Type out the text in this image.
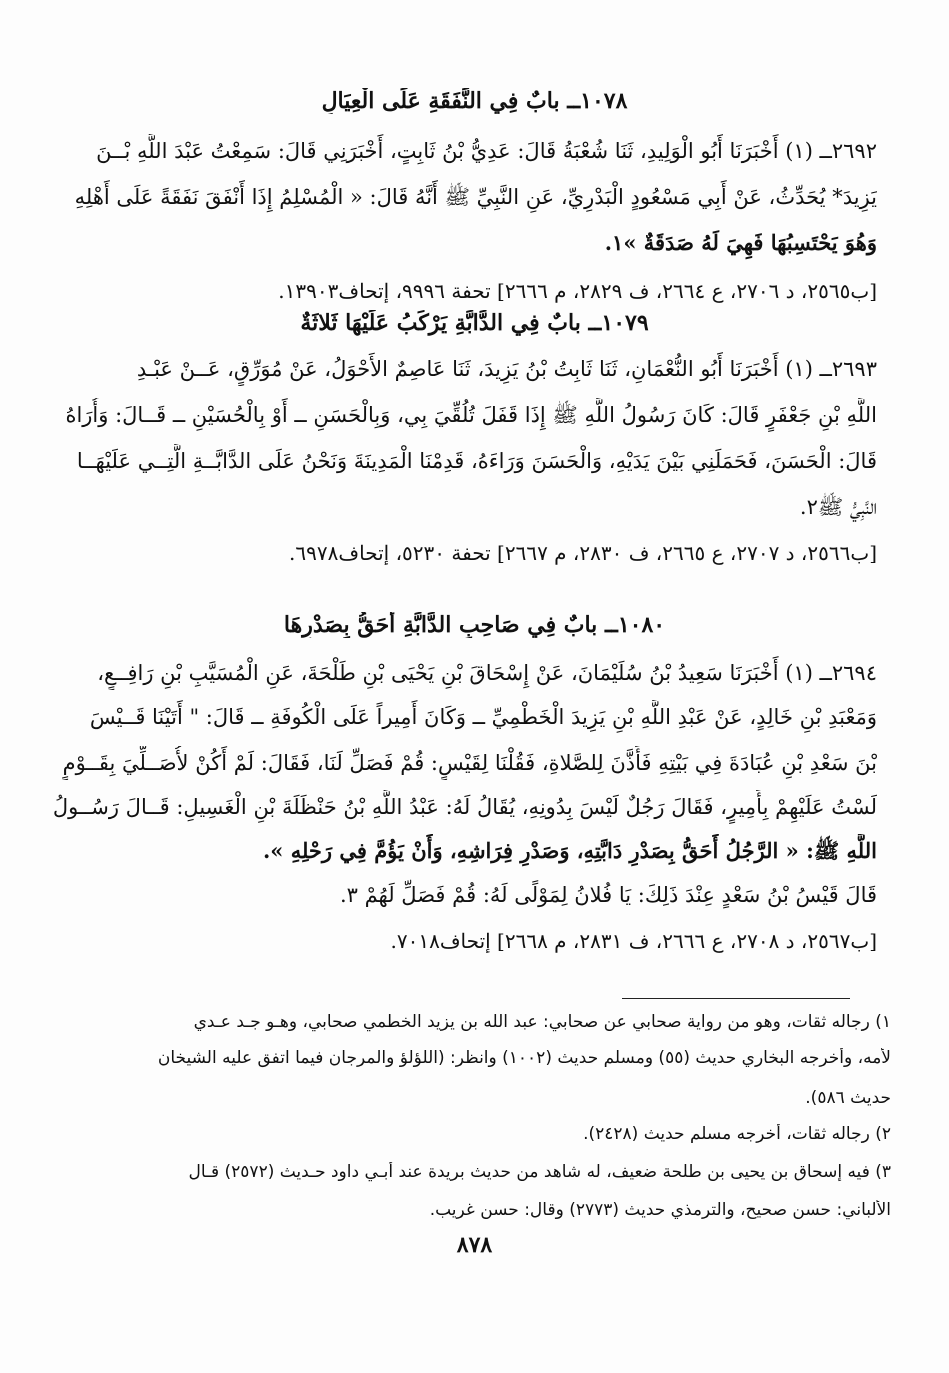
١٠٧٨ــ بابٌ فِي النَّفَقَةِ عَلَى الْعِيَالِ
٢٦٩٢ــ (١) أَخْبَرَنَا أَبُو الْوَلِيدِ، ثَنَا شُعْبَةُ قَالَ: عَدِيُّ بْنُ ثَابِتٍ، أَخْبَرَنِي قَالَ: سَمِعْتُ عَبْدَ اللَّهِ بْــنَ
يَزِيدَ* يُحَدِّثُ، عَنْ أَبِي مَسْعُودٍ الْبَدْرِيِّ، عَنِ النَّبِيِّ ﷺ أَنَّهُ قَالَ: « الْمُسْلِمُ إِذَا أَنْفَقَ نَفَقَةً عَلَى أَهْلِهِ
وَهُوَ يَحْتَسِبُهَا فَهِيَ لَهُ صَدَقَةٌ »١.
[ب٢٥٦٥، د ٢٧٠٦، ع ٢٦٦٤، ف ٢٨٢٩، م ٢٦٦٦] تحفة ٩٩٩٦، إتحاف١٣٩٠٣.
١٠٧٩ــ بابٌ فِي الدَّابَّةِ يَرْكَبُ عَلَيْهَا ثَلاثَةٌ
٢٦٩٣ــ (١) أَخْبَرَنَا أَبُو النُّعْمَانِ، ثَنَا ثَابِتُ بْنُ يَزِيدَ، ثَنَا عَاصِمٌ الأَحْوَلُ، عَنْ مُوَرِّقٍ، عَــنْ عَبْـدِ
اللَّهِ بْنِ جَعْفَرٍ قَالَ: كَانَ رَسُولُ اللَّهِ ﷺ إِذَا قَفَلَ تُلُقِّيَ بِي، وَبِالْحَسَنِ ــ أَوْ بِالْحُسَيْنِ ــ قَــالَ: وَأُرَاهُ
قَالَ: الْحَسَنَ، فَحَمَلَنِي بَيْنَ يَدَيْهِ، وَالْحَسَنَ وَرَاءَهُ، قَدِمْنَا الْمَدِينَةَ وَنَحْنُ عَلَى الدَّابَّــةِ الَّتِــي عَلَيْهَــا
النَّبِيُّ ﷺ٢.
[ب٢٥٦٦، د ٢٧٠٧، ع ٢٦٦٥، ف ٢٨٣٠، م ٢٦٦٧] تحفة ٥٢٣٠، إتحاف٦٩٧٨.
١٠٨٠ــ بابٌ فِي صَاحِبِ الدَّابَّةِ أَحَقُّ بِصَدْرِهَا
٢٦٩٤ــ (١) أَخْبَرَنَا سَعِيدُ بْنُ سُلَيْمَانَ، عَنْ إِسْحَاقَ بْنِ يَحْيَى بْنِ طَلْحَةَ، عَنِ الْمُسَيَّبِ بْنِ رَافِــعٍ،
وَمَعْبَدِ بْنِ خَالِدٍ، عَنْ عَبْدِ اللَّهِ بْنِ يَزِيدَ الْخَطْمِيِّ ــ وَكَانَ أَمِيراً عَلَى الْكُوفَةِ ــ قَالَ: " أَتَيْنَا قَــيْسَ
بْنَ سَعْدِ بْنِ عُبَادَةَ فِي بَيْتِهِ فَأَذَّنَ لِلصَّلاةِ، فَقُلْنَا لِقَيْسٍ: قُمْ فَصَلِّ لَنَا، فَقَالَ: لَمْ أَكُنْ لأُصَــلِّيَ بِقَــوْمٍ
لَسْتُ عَلَيْهِمْ بِأَمِيرٍ، فَقَالَ رَجُلٌ لَيْسَ بِدُونِهِ، يُقَالُ لَهُ: عَبْدُ اللَّهِ بْنُ حَنْظَلَةَ بْنِ الْغَسِيلِ: قَــالَ رَسُــولُ
اللَّهِ ﷺ: « الرَّجُلُ أَحَقُّ بِصَدْرِ دَابَّتِهِ، وَصَدْرِ فِرَاشِهِ، وَأَنْ يَؤُمَّ فِي رَحْلِهِ ».
قَالَ قَيْسُ بْنُ سَعْدٍ عِنْدَ ذَلِكَ: يَا فُلانُ لِمَوْلًى لَهُ: قُمْ فَصَلِّ لَهُمْ ٣.
[ب٢٥٦٧، د ٢٧٠٨، ع ٢٦٦٦، ف ٢٨٣١، م ٢٦٦٨] إتحاف٧٠١٨.
١) رجاله ثقات، وهو من رواية صحابي عن صحابي: عبد الله بن يزيد الخطمي صحابي، وهـو جـد عـدي
لأمه، وأخرجه البخاري حديث (٥٥) ومسلم حديث (١٠٠٢) وانظر: (اللؤلؤ والمرجان فيما اتفق عليه الشيخان
حديث ٥٨٦).
٢) رجاله ثقات، أخرجه مسلم حديث (٢٤٢٨).
٣) فيه إسحاق بن يحيى بن طلحة ضعيف، له شاهد من حديث بريدة عند أبـي داود حـديث (٢٥٧٢) قـال
الألباني: حسن صحيح، والترمذي حديث (٢٧٧٣) وقال: حسن غريب.
٨٧٨
